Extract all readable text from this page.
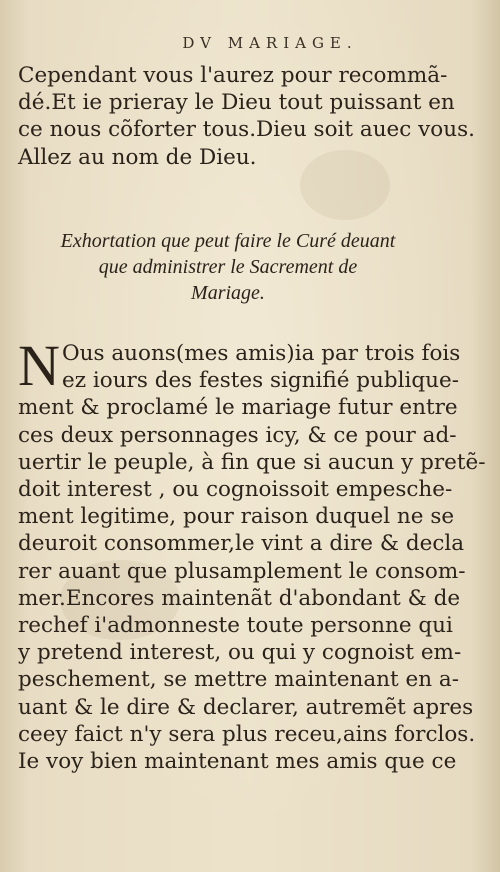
DV MARIAGE.
Cependant vous l'aurez pour recommã-
dé.Et ie prieray le Dieu tout puissant en
ce nous cõforter tous.Dieu soit auec vous.
Allez au nom de Dieu.
Exhortation que peut faire le Curé deuant
que administrer le Sacrement de
Mariage.
N Ous auons(mes amis)ia par trois fois
ez iours des festes signifié publique-
ment & proclamé le mariage futur entre
ces deux personnages icy, & ce pour ad-
uertir le peuple, à fin que si aucun y pretẽ-
doit interest , ou cognoissoit empesche-
ment legitime, pour raison duquel ne se
deuroit consommer,le vint a dire & decla
rer auant que plusamplement le consom-
mer.Encores maintenãt d'abondant & de
rechef i'admonneste toute personne qui
y pretend interest, ou qui y cognoist em-
peschement, se mettre maintenant en a-
uant & le dire & declarer, autremẽt apres
ceey faict n'y sera plus receu,ains forclos.
Ie voy bien maintenant mes amis que ce
